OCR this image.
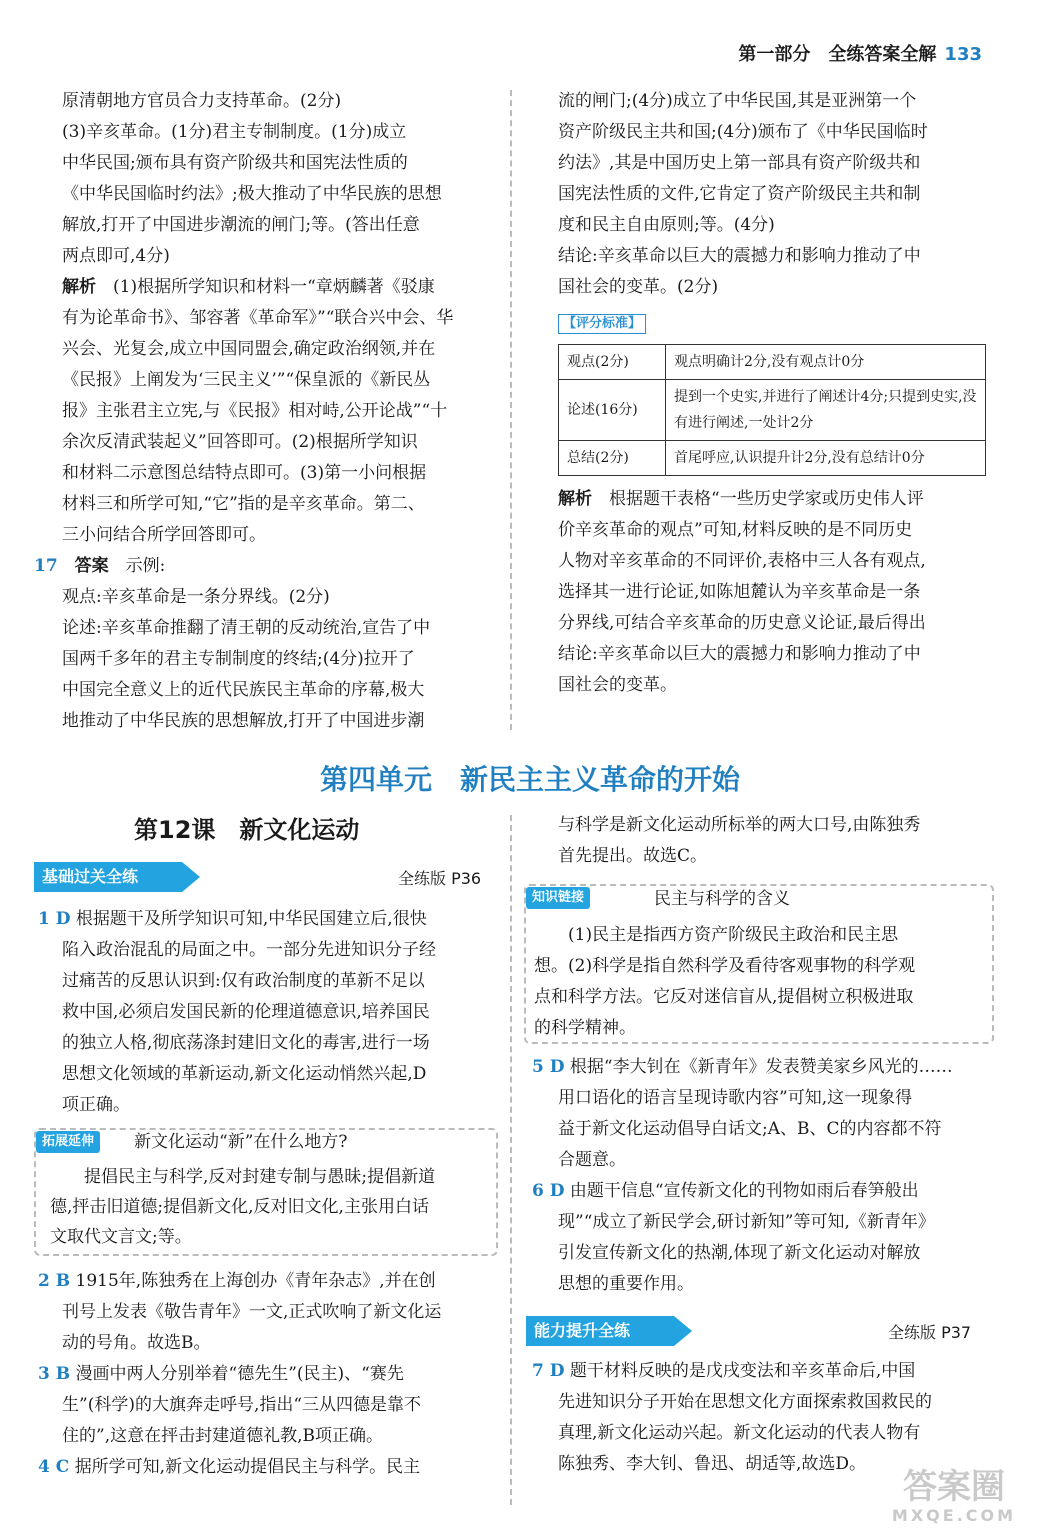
第一部分　全练答案全解 133

原清朝地方官员合力支持革命。(2分)

(3)辛亥革命。(1分)君主专制制度。(1分)成立

中华民国;颁布具有资产阶级共和国宪法性质的

《中华民国临时约法》;极大推动了中华民族的思想

解放,打开了中国进步潮流的闸门;等。(答出任意

两点即可,4分)

解析　 (1)根据所学知识和材料一“章炳麟著《驳康

有为论革命书》、邹容著《革命军》”“联合兴中会、华

兴会、光复会,成立中国同盟会,确定政治纲领,并在

《民报》上阐发为‘三民主义’”“保皇派的《新民丛

报》主张君主立宪,与《民报》相对峙,公开论战”“十

余次反清武装起义”回答即可。(2)根据所学知识

和材料二示意图总结特点即可。(3)第一小问根据

材料三和所学可知,“它”指的是辛亥革命。第二、

三小问结合所学回答即可。

17　 答案　 示例:

观点:辛亥革命是一条分界线。(2分)

论述:辛亥革命推翻了清王朝的反动统治,宣告了中

国两千多年的君主专制制度的终结;(4分)拉开了

中国完全意义上的近代民族民主革命的序幕,极大

地推动了中华民族的思想解放,打开了中国进步潮

流的闸门;(4分)成立了中华民国,其是亚洲第一个

资产阶级民主共和国;(4分)颁布了《中华民国临时

约法》,其是中国历史上第一部具有资产阶级共和

国宪法性质的文件,它肯定了资产阶级民主共和制

度和民主自由原则;等。(4分)

结论:辛亥革命以巨大的震撼力和影响力推动了中

国社会的变革。(2分)

【评分标准】

观点(2分)	观点明确计2分,没有观点计0分
论述(16分)	提到一个史实,并进行了阐述计4分;只提到史实,没有进行阐述,一处计2分
总结(2分)	首尾呼应,认识提升计2分,没有总结计0分

解析　 根据题干表格“一些历史学家或历史伟人评

价辛亥革命的观点”可知,材料反映的是不同历史

人物对辛亥革命的不同评价,表格中三人各有观点,

选择其一进行论证,如陈旭麓认为辛亥革命是一条

分界线,可结合辛亥革命的历史意义论证,最后得出

结论:辛亥革命以巨大的震撼力和影响力推动了中

国社会的变革。

第四单元　新民主主义革命的开始
第12课　新文化运动
基础过关全练	全练版 P36

1 D 根据题干及所学知识可知,中华民国建立后,很快

陷入政治混乱的局面之中。一部分先进知识分子经

过痛苦的反思认识到:仅有政治制度的革新不足以

救中国,必须启发国民新的伦理道德意识,培养国民

的独立人格,彻底荡涤封建旧文化的毒害,进行一场

思想文化领域的革新运动,新文化运动悄然兴起,D

项正确。

拓展延伸	新文化运动“新”在什么地方?

提倡民主与科学,反对封建专制与愚昧;提倡新道

德,抨击旧道德;提倡新文化,反对旧文化,主张用白话

文取代文言文;等。

2 B 1915年,陈独秀在上海创办《青年杂志》,并在创

刊号上发表《敬告青年》一文,正式吹响了新文化运

动的号角。故选B。

3 B 漫画中两人分别举着“德先生”(民主)、“赛先

生”(科学)的大旗奔走呼号,指出“三从四德是靠不

住的”,这意在抨击封建道德礼教,B项正确。

4 C 据所学可知,新文化运动提倡民主与科学。民主

与科学是新文化运动所标举的两大口号,由陈独秀

首先提出。故选C。

知识链接	民主与科学的含义

(1)民主是指西方资产阶级民主政治和民主思

想。(2)科学是指自然科学及看待客观事物的科学观

点和科学方法。它反对迷信盲从,提倡树立积极进取

的科学精神。

5 D 根据“李大钊在《新青年》发表赞美家乡风光的……

用口语化的语言呈现诗歌内容”可知,这一现象得

益于新文化运动倡导白话文;A、B、C的内容都不符

合题意。

6 D 由题干信息“宣传新文化的刊物如雨后春笋般出

现”“成立了新民学会,研讨新知”等可知,《新青年》

引发宣传新文化的热潮,体现了新文化运动对解放

思想的重要作用。

能力提升全练	全练版 P37

7 D 题干材料反映的是戊戌变法和辛亥革命后,中国

先进知识分子开始在思想文化方面探索救国救民的

真理,新文化运动兴起。新文化运动的代表人物有

陈独秀、李大钊、鲁迅、胡适等,故选D。

答案圈
MXQE.COM
